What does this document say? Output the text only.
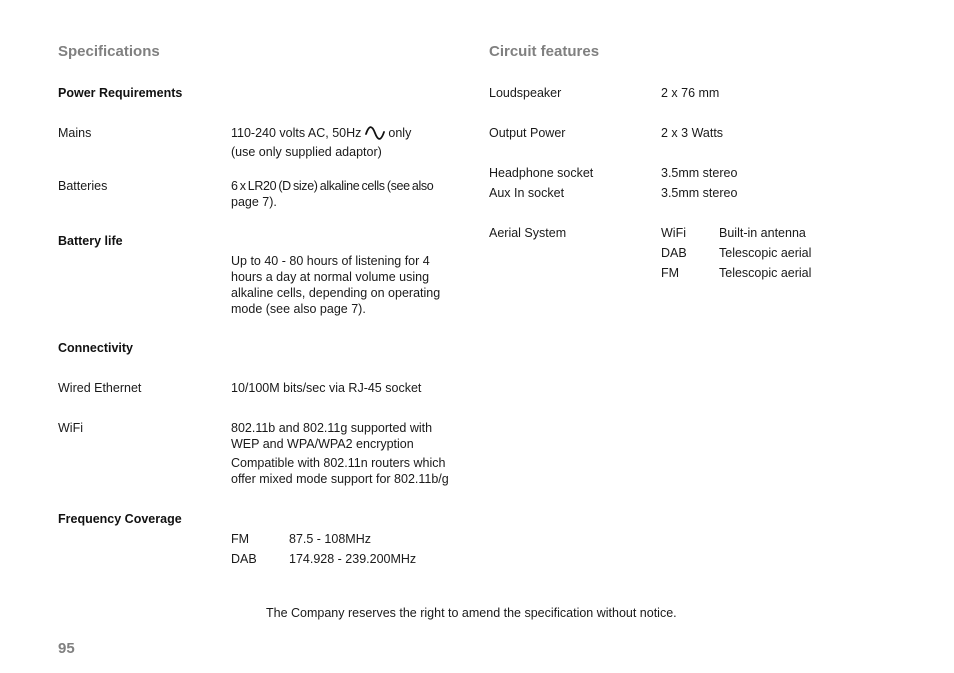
Specifications
Power Requirements
Mains	110-240 volts AC, 50Hz only
(use only supplied adaptor)
Batteries	6 x LR20 (D size) alkaline cells (see also
page 7).
Battery life
Up to 40 - 80 hours of listening for 4
hours a day at normal volume using
alkaline cells, depending on operating
mode (see also page 7).
Connectivity
Wired Ethernet	10/100M bits/sec via RJ-45 socket
WiFi	802.11b and 802.11g supported with
WEP and WPA/WPA2 encryption
Compatible with 802.11n routers which
offer mixed mode support for 802.11b/g
Frequency Coverage
FM	87.5 - 108MHz
DAB	174.928 - 239.200MHz
Circuit features
Loudspeaker	2 x 76 mm
Output Power	2 x 3 Watts
Headphone socket	3.5mm stereo
Aux In socket	3.5mm stereo
Aerial System	WiFi	Built-in antenna
DAB	Telescopic aerial
FM	Telescopic aerial
The Company reserves the right to amend the specification without notice.
95
